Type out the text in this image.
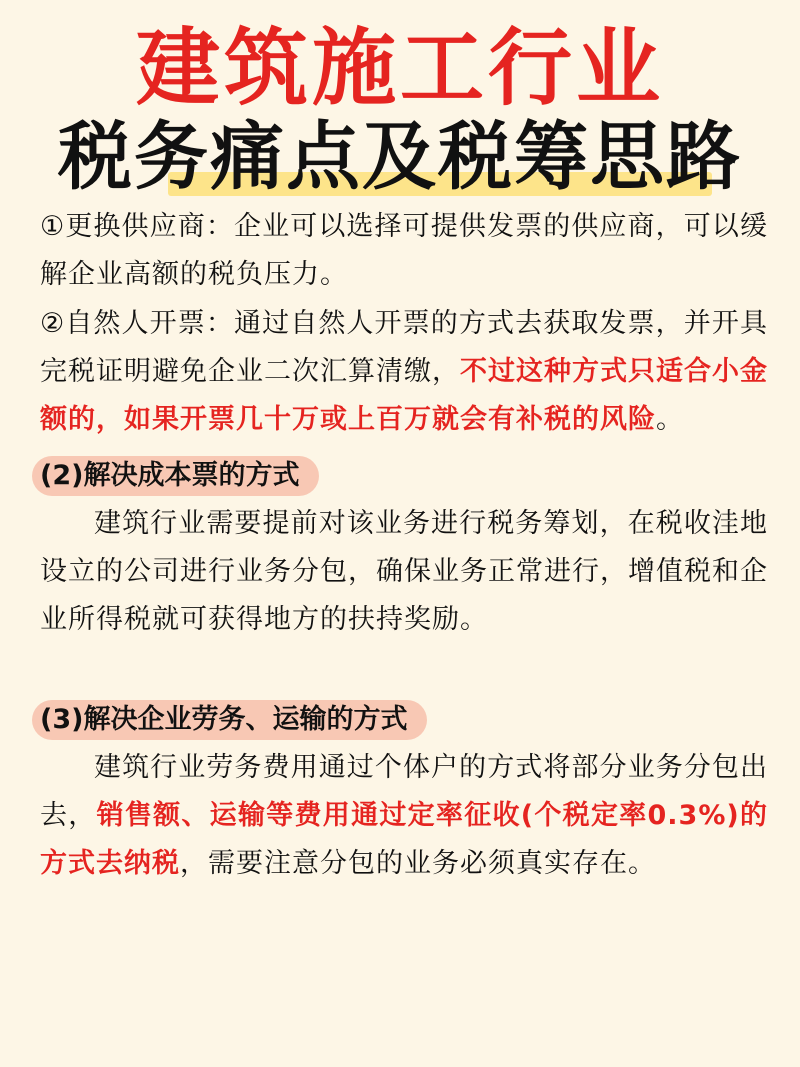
建筑施工行业
税务痛点及税筹思路
①更换供应商：企业可以选择可提供发票的供应商，可以缓解企业高额的税负压力。
②自然人开票：通过自然人开票的方式去获取发票，并开具完税证明避免企业二次汇算清缴，不过这种方式只适合小金额的，如果开票几十万或上百万就会有补税的风险。
(2)解决成本票的方式
建筑行业需要提前对该业务进行税务筹划，在税收洼地设立的公司进行业务分包，确保业务正常进行，增值税和企业所得税就可获得地方的扶持奖励。
(3)解决企业劳务、运输的方式
建筑行业劳务费用通过个体户的方式将部分业务分包出去，销售额、运输等费用通过定率征收(个税定率0.3%)的方式去纳税，需要注意分包的业务必须真实存在。
